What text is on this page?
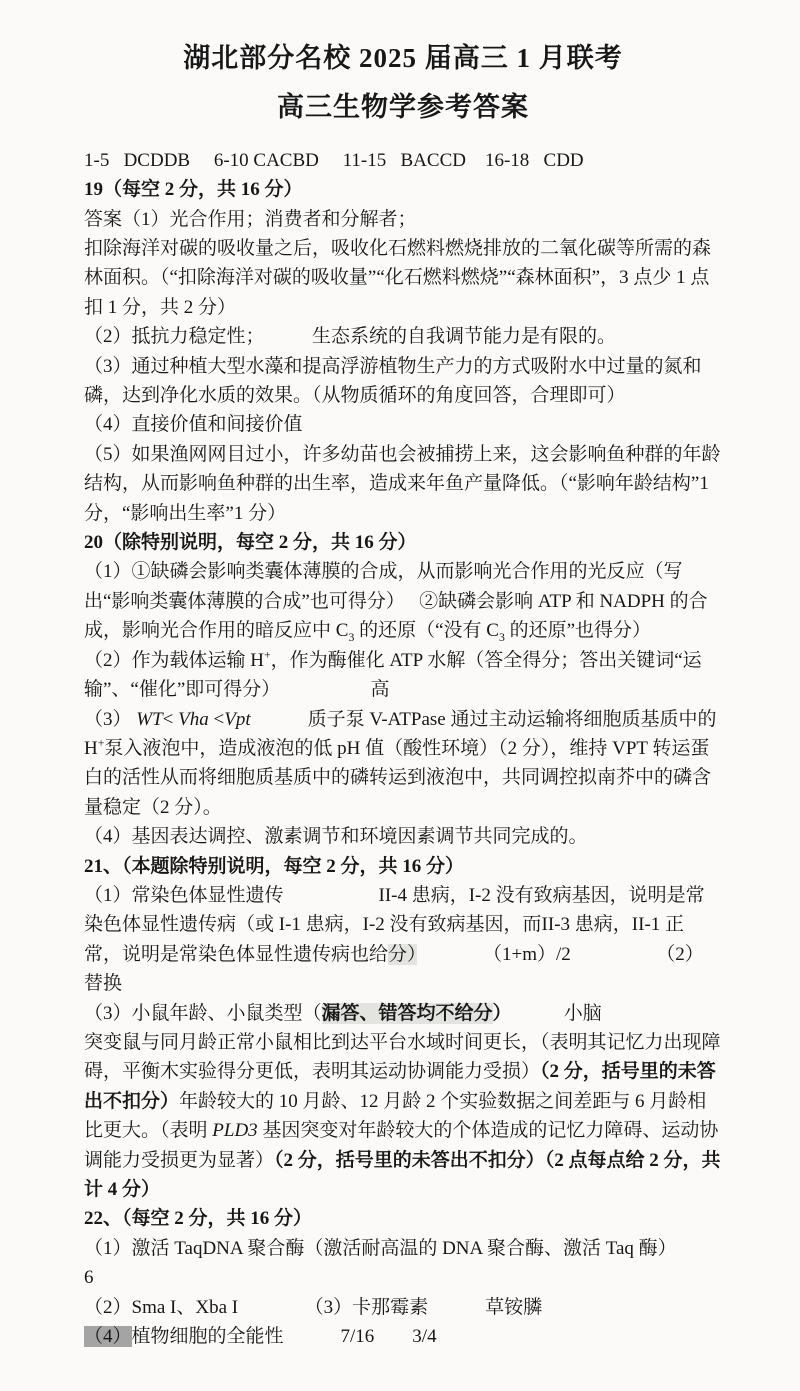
湖北部分名校 2025 届高三 1 月联考
高三生物学参考答案

1-5   DCDDB     6-10 CACBD     11-15   BACCD    16-18   CDD

19（每空 2 分，共 16 分）

答案（1）光合作用；消费者和分解者；

扣除海洋对碳的吸收量之后，吸收化石燃料燃烧排放的二氧化碳等所需的森林面积。（“扣除海洋对碳的吸收量”“化石燃料燃烧”“森林面积”，3 点少 1 点扣 1 分，共 2 分）

（2）抵抗力稳定性；　　　生态系统的自我调节能力是有限的。

（3）通过种植大型水藻和提高浮游植物生产力的方式吸附水中过量的氮和磷，达到净化水质的效果。（从物质循环的角度回答，合理即可）

（4）直接价值和间接价值

（5）如果渔网网目过小，许多幼苗也会被捕捞上来，这会影响鱼种群的年龄结构，从而影响鱼种群的出生率，造成来年鱼产量降低。（“影响年龄结构”1 分，“影响出生率”1 分）

20（除特别说明，每空 2 分，共 16 分）

（1）①缺磷会影响类囊体薄膜的合成，从而影响光合作用的光反应（写出“影响类囊体薄膜的合成”也可得分）　 ②缺磷会影响 ATP 和 NADPH 的合成，影响光合作用的暗反应中 $C_3$ 的还原（“没有 $C_3$ 的还原”也得分）

（2）作为载体运输 H+，作为酶催化 ATP 水解（答全得分；答出关键词“运输”、“催化”即可得分）　　　　　 高

（3） WT< Vha <Vpt　　　质子泵 V-ATPase 通过主动运输将细胞质基质中的 H+泵入液泡中，造成液泡的低 pH 值（酸性环境）（2 分），维持 VPT 转运蛋白的活性从而将细胞质基质中的磷转运到液泡中，共同调控拟南芥中的磷含量稳定（2 分）。

（4）基因表达调控、激素调节和环境因素调节共同完成的。

21、（本题除特别说明，每空 2 分，共 16 分）

（1）常染色体显性遗传　　　　　II-4 患病，I-2 没有致病基因，说明是常染色体显性遗传病（或 I-1 患病，I-2 没有致病基因，而II-3 患病，II-1 正常，说明是常染色体显性遗传病也给分）　　　　（1+m）/2　　　　　（2）替换

（3）小鼠年龄、小鼠类型（漏答、错答均不给分）　　　 小脑

突变鼠与同月龄正常小鼠相比到达平台水域时间更长，（表明其记忆力出现障碍，平衡木实验得分更低，表明其运动协调能力受损）（2 分，括号里的未答出不扣分）年龄较大的 10 月龄、12 月龄 2 个实验数据之间差距与 6 月龄相比更大。（表明 PLD3 基因突变对年龄较大的个体造成的记忆力障碍、运动协调能力受损更为显著）（2 分，括号里的未答出不扣分）（2 点每点给 2 分，共计 4 分）

22、（每空 2 分，共 16 分）

（1）激活 TaqDNA 聚合酶（激活耐高温的 DNA 聚合酶、激活 Taq 酶）　　　　　6

（2）Sma I、Xba I　　　　（3）卡那霉素　　　草铵膦

（4）植物细胞的全能性　　　7/16　　3/4
